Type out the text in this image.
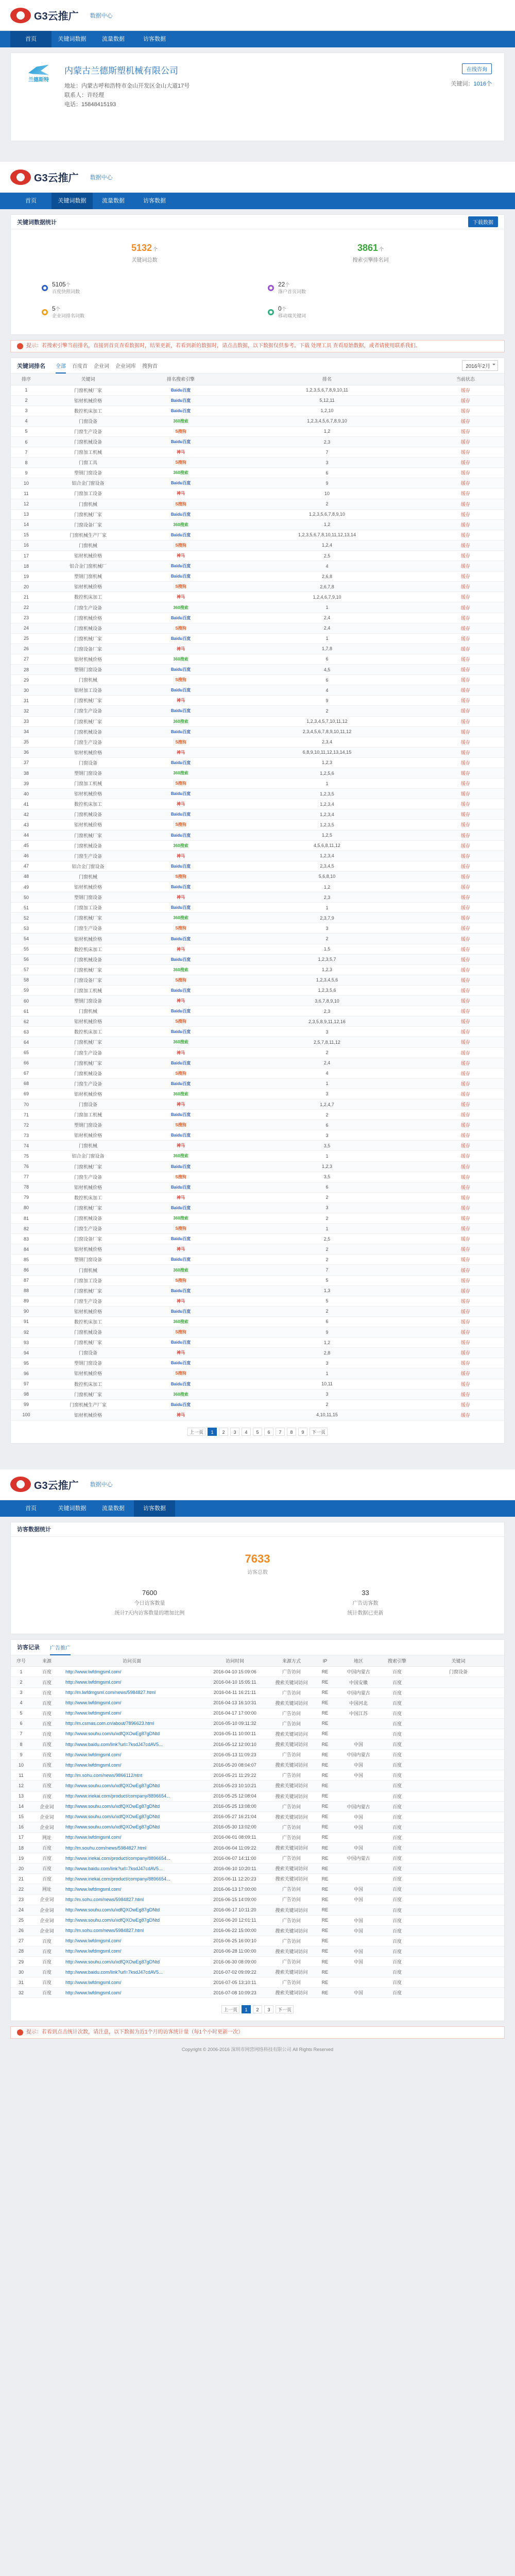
G3云推广 数据中心
首页	关键词数据	流量数据	访客数据
兰德斯特
内蒙古兰德斯塑机械有限公司
地址：内蒙古呼和浩特市金山开发区金山大道17号
联系人：许经理
电话：15848415193
在线咨询
关键词：1016个
G3云推广 数据中心
首页	关键词数据	流量数据	访客数据
关键词数据统计	下载数据
5132 个
关键词总数
3861 个
搜索引擎排名词
5105个
百度快照词数
22个
落户首页词数
5个
企业词排名词数
0个
移动端关键词
提示：若搜索引擎当前排名，直接到首页查看数据时，结果更新，若看到新的数据时，请点击数据，以下数据仅供参考。下载 处理工具 查看原始数据，或者请使用联系我们。
关键词排名 全部 百度首 企业词 企业词库 搜狗首	2016年2月
排序	关键词	排名搜索引擎	排名	当前状态
1	门窗机械厂家	Baidu百度	1,2,3,5,6,7,8,9,10,11	缓存
2	铝材机械价格	Baidu百度	5,12,11	缓存
3	数控机床加工	Baidu百度	1,2,10	缓存
4	门窗设备	360搜索	1,2,3,4,5,6,7,8,9,10	缓存
5	门窗生产设备	S搜狗	1,2	缓存
6	门窗机械设备	Baidu百度	2,3	缓存
7	门窗加工机械	神马	7	缓存
8	门窗工具	S搜狗	3	缓存
9	塑钢门窗设备	360搜索	6	缓存
10	铝合金门窗设备	Baidu百度	9	缓存
11	门窗加工设备	神马	10	缓存
12	门窗机械	S搜狗	2	缓存
13	门窗机械厂家	Baidu百度	1,2,3,5,6,7,8,9,10	缓存
14	门窗设备厂家	360搜索	1,2	缓存
15	门窗机械生产厂家	Baidu百度	1,2,3,5,6,7,8,10,11,12,13,14	缓存
16	门窗机械	S搜狗	1,2,4	缓存
17	铝材机械价格	神马	2,5	缓存
18	铝合金门窗机械厂	Baidu百度	4	缓存
19	塑钢门窗机械	Baidu百度	2,6,8	缓存
20	铝材机械价格	S搜狗	2,6,7,8	缓存
21	数控机床加工	神马	1,2,4,6,7,9,10	缓存
22	门窗生产设备	360搜索	1	缓存
23	门窗机械价格	Baidu百度	2,4	缓存
24	门窗机械设备	S搜狗	2,4	缓存
25	门窗机械厂家	Baidu百度	1	缓存
26	门窗设备厂家	神马	1,7,8	缓存
27	铝材机械价格	360搜索	6	缓存
28	塑钢门窗设备	Baidu百度	4,5	缓存
29	门窗机械	S搜狗	6	缓存
30	铝材加工设备	Baidu百度	4	缓存
31	门窗机械厂家	神马	9	缓存
32	门窗生产设备	Baidu百度	2	缓存
33	门窗机械厂家	360搜索	1,2,3,4,5,7,10,11,12	缓存
34	门窗机械设备	Baidu百度	2,3,4,5,6,7,8,9,10,11,12	缓存
35	门窗生产设备	S搜狗	2,3,4	缓存
36	铝材机械价格	神马	6,8,9,10,11,12,13,14,15	缓存
37	门窗设备	Baidu百度	1,2,3	缓存
38	塑钢门窗设备	360搜索	1,2,5,6	缓存
39	门窗加工机械	S搜狗	1	缓存
40	铝材机械价格	Baidu百度	1,2,3,5	缓存
41	数控机床加工	神马	1,2,3,4	缓存
42	门窗机械设备	Baidu百度	1,2,3,4	缓存
43	铝材机械价格	S搜狗	1,2,3,5	缓存
44	门窗机械厂家	Baidu百度	1,2,5	缓存
45	门窗机械设备	360搜索	4,5,6,8,11,12	缓存
46	门窗生产设备	神马	1,2,3,4	缓存
47	铝合金门窗设备	Baidu百度	2,3,4,5	缓存
48	门窗机械	S搜狗	5,6,8,10	缓存
49	铝材机械价格	Baidu百度	1,2	缓存
50	塑钢门窗设备	神马	2,3	缓存
51	门窗加工设备	Baidu百度	1	缓存
52	门窗机械厂家	360搜索	2,3,7,9	缓存
53	门窗生产设备	S搜狗	3	缓存
54	铝材机械价格	Baidu百度	2	缓存
55	数控机床加工	神马	1,5	缓存
56	门窗机械设备	Baidu百度	1,2,3,5,7	缓存
57	门窗机械厂家	360搜索	1,2,3	缓存
58	门窗设备厂家	S搜狗	1,2,3,4,5,6	缓存
59	门窗加工机械	Baidu百度	1,2,3,5,6	缓存
60	塑钢门窗设备	神马	3,6,7,8,9,10	缓存
61	门窗机械	Baidu百度	2,3	缓存
62	铝材机械价格	S搜狗	2,3,5,8,9,11,12,16	缓存
63	数控机床加工	Baidu百度	3	缓存
64	门窗机械厂家	360搜索	2,5,7,8,11,12	缓存
65	门窗生产设备	神马	2	缓存
66	门窗机械厂家	Baidu百度	2,4	缓存
67	门窗机械设备	S搜狗	4	缓存
68	门窗生产设备	Baidu百度	1	缓存
69	铝材机械价格	360搜索	3	缓存
70	门窗设备	神马	1,2,4,7	缓存
71	门窗加工机械	Baidu百度	2	缓存
72	塑钢门窗设备	S搜狗	6	缓存
73	铝材机械价格	Baidu百度	3	缓存
74	门窗机械	神马	3,5	缓存
75	铝合金门窗设备	360搜索	1	缓存
76	门窗机械厂家	Baidu百度	1,2,3	缓存
77	门窗生产设备	S搜狗	3,5	缓存
78	铝材机械价格	Baidu百度	6	缓存
79	数控机床加工	神马	2	缓存
80	门窗机械厂家	Baidu百度	3	缓存
81	门窗机械设备	360搜索	2	缓存
82	门窗生产设备	S搜狗	1	缓存
83	门窗设备厂家	Baidu百度	2,5	缓存
84	铝材机械价格	神马	2	缓存
85	塑钢门窗设备	Baidu百度	2	缓存
86	门窗机械	360搜索	7	缓存
87	门窗加工设备	S搜狗	5	缓存
88	门窗机械厂家	Baidu百度	1,3	缓存
89	门窗生产设备	神马	5	缓存
90	铝材机械价格	Baidu百度	2	缓存
91	数控机床加工	360搜索	6	缓存
92	门窗机械设备	S搜狗	9	缓存
93	门窗机械厂家	Baidu百度	1,2	缓存
94	门窗设备	神马	2,8	缓存
95	塑钢门窗设备	Baidu百度	3	缓存
96	铝材机械价格	S搜狗	1	缓存
97	数控机床加工	Baidu百度	10,11	缓存
98	门窗机械厂家	360搜索	3	缓存
99	门窗机械生产厂家	Baidu百度	2	缓存
100	铝材机械价格	神马	4,10,11,15	缓存
上一页	1	2	3	4	5	6	7	8	9	下一页
G3云推广 数据中心
首页	关键词数据	流量数据	访客数据
访客数据统计
7633
访客总数
7600
今日访客数量
统计7天内访客数量的增加比例
33
广告访客数
统计数据已更新
访客记录 广告推广
序号	来源	访问页面	访问时间	来源方式	IP	地区	搜索引擎	关键词
1	百度	http://www.lwfdmgsml.com/	2016-04-10 15:09:06	广告访问	RE	中国内蒙古	百度	门窗设备
2	百度	http://www.lwfdmgsml.com/	2016-04-10 15:05:11	搜索关键词访问	RE	中国安徽	百度	
3	百度	http://m.lwfdmgsml.com/news/5984827.html	2016-04-11 16:21:11	广告访问	RE	中国内蒙古	百度	
4	百度	http://www.lwfdmgsml.com/	2016-04-13 16:10:31	搜索关键词访问	RE	中国河北	百度	
5	百度	http://www.lwfdmgsml.com/	2016-04-17 17:00:00	广告访问	RE	中国江苏	百度	
6	百度	http://m.csmas.com.cn/about/7896623.html	2016-05-10 09:11:32	广告访问	RE		百度	
7	百度	http://www.souhu.com/u/xdfQXOwEg87gDNtd	2016-05-11 10:00:11	搜索关键词访问	RE		百度	
8	百度	http://www.baidu.com/link?url=7ksdJ47cdAV5...	2016-05-12 12:00:10	搜索关键词访问	RE	中国	百度	
9	百度	http://www.lwfdmgsml.com/	2016-05-13 11:09:23	广告访问	RE	中国内蒙古	百度	
10	百度	http://www.lwfdmgsml.com/	2016-05-20 08:04:07	搜索关键词访问	RE	中国	百度	
11	百度	http://m.sohu.com/news/9866112/ntnt	2016-05-21 11:29:22	广告访问	RE	中国	百度	
12	百度	http://www.souhu.com/u/xdfQXOwEg87gDNtd	2016-05-23 10:10:21	搜索关键词访问	RE		百度	
13	百度	http://www.iriekai.com/product/company/8896654...	2016-05-25 12:08:04	搜索关键词访问	RE		百度	
14	企业词	http://www.souhu.com/u/xdfQXOwEg87gDNtd	2016-05-25 13:08:00	广告访问	RE	中国内蒙古	百度	
15	企业词	http://www.souhu.com/u/xdfQXOwEg87gDNtd	2016-05-27 16:21:04	搜索关键词访问	RE	中国	百度	
16	企业词	http://www.souhu.com/u/xdfQXOwEg87gDNtd	2016-05-30 13:02:00	广告访问	RE	中国	百度	
17	网址	http://www.lwfdmgsml.com/	2016-06-01 08:09:11	广告访问	RE		百度	
18	百度	http://m.souhu.com/news/5984827.html	2016-06-04 11:09:22	搜索关键词访问	RE	中国	百度	
19	百度	http://www.iriekai.com/product/company/8896654...	2016-06-07 14:11:00	广告访问	RE	中国内蒙古	百度	
20	百度	http://www.baidu.com/link?url=7ksdJ47cdAV5...	2016-06-10 10:20:11	搜索关键词访问	RE		百度	
21	百度	http://www.iriekai.com/product/company/8896654...	2016-06-11 12:20:23	搜索关键词访问	RE		百度	
22	网址	http://www.lwfdmgsml.com/	2016-06-13 17:00:00	广告访问	RE	中国	百度	
23	企业词	http://m.sohu.com/news/5984827.html	2016-06-15 14:09:00	广告访问	RE	中国	百度	
24	企业词	http://www.souhu.com/u/xdfQXOwEg87gDNtd	2016-06-17 10:11:20	搜索关键词访问	RE		百度	
25	企业词	http://www.souhu.com/u/xdfQXOwEg87gDNtd	2016-06-20 12:01:11	广告访问	RE	中国	百度	
26	企业词	http://m.sohu.com/news/5984827.html	2016-06-22 15:00:00	搜索关键词访问	RE	中国	百度	
27	百度	http://www.lwfdmgsml.com/	2016-06-25 16:00:10	广告访问	RE		百度	
28	百度	http://www.lwfdmgsml.com/	2016-06-28 11:00:00	搜索关键词访问	RE	中国	百度	
29	百度	http://www.souhu.com/u/xdfQXOwEg87gDNtd	2016-06-30 08:09:00	广告访问	RE	中国	百度	
30	百度	http://www.baidu.com/link?url=7ksdJ47cdAV5...	2016-07-02 09:09:22	搜索关键词访问	RE		百度	
31	百度	http://www.lwfdmgsml.com/	2016-07-05 13:10:11	广告访问	RE		百度	
32	百度	http://www.lwfdmgsml.com/	2016-07-08 10:09:23	搜索关键词访问	RE	中国	百度	
上一页	1	2	3	下一页
提示：若看到点击统计次数，请注意，以下数据为近1个月的访客统计量（每1个小时更新一次）
Copyright © 2006-2016 深圳市网营网络科技有限公司 All Rights Reserved
